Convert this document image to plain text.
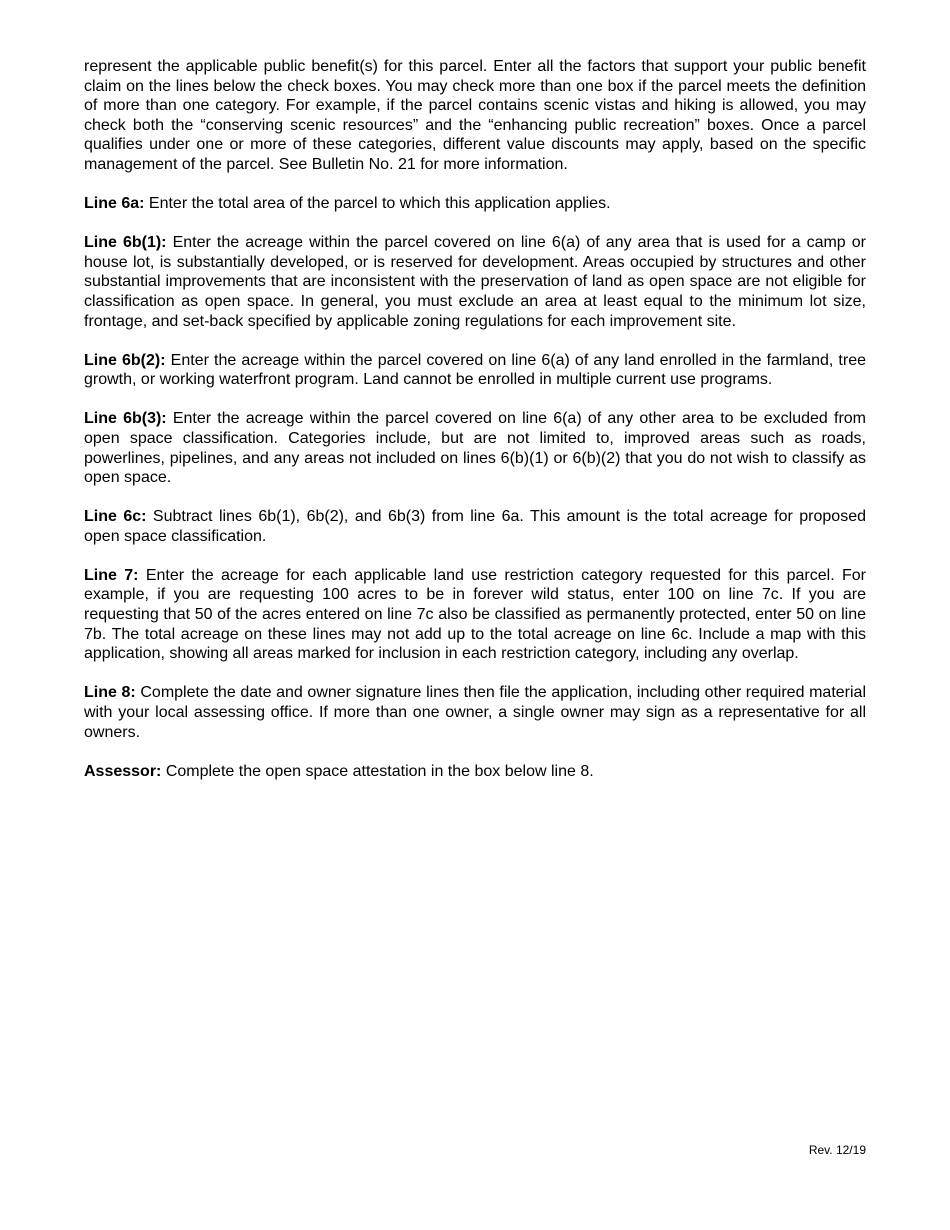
represent the applicable public benefit(s) for this parcel. Enter all the factors that support your public benefit claim on the lines below the check boxes. You may check more than one box if the parcel meets the definition of more than one category. For example, if the parcel contains scenic vistas and hiking is allowed, you may check both the “conserving scenic resources” and the “enhancing public recreation” boxes. Once a parcel qualifies under one or more of these categories, different value discounts may apply, based on the specific management of the parcel. See Bulletin No. 21 for more information.

Line 6a: Enter the total area of the parcel to which this application applies.

Line 6b(1): Enter the acreage within the parcel covered on line 6(a) of any area that is used for a camp or house lot, is substantially developed, or is reserved for development. Areas occupied by structures and other substantial improvements that are inconsistent with the preservation of land as open space are not eligible for classification as open space. In general, you must exclude an area at least equal to the minimum lot size, frontage, and set-back specified by applicable zoning regulations for each improvement site.

Line 6b(2): Enter the acreage within the parcel covered on line 6(a) of any land enrolled in the farmland, tree growth, or working waterfront program. Land cannot be enrolled in multiple current use programs.

Line 6b(3): Enter the acreage within the parcel covered on line 6(a) of any other area to be excluded from open space classification. Categories include, but are not limited to, improved areas such as roads, powerlines, pipelines, and any areas not included on lines 6(b)(1) or 6(b)(2) that you do not wish to classify as open space.

Line 6c: Subtract lines 6b(1), 6b(2), and 6b(3) from line 6a. This amount is the total acreage for proposed open space classification.

Line 7: Enter the acreage for each applicable land use restriction category requested for this parcel. For example, if you are requesting 100 acres to be in forever wild status, enter 100 on line 7c. If you are requesting that 50 of the acres entered on line 7c also be classified as permanently protected, enter 50 on line 7b. The total acreage on these lines may not add up to the total acreage on line 6c. Include a map with this application, showing all areas marked for inclusion in each restriction category, including any overlap.

Line 8: Complete the date and owner signature lines then file the application, including other required material with your local assessing office. If more than one owner, a single owner may sign as a representative for all owners.

Assessor: Complete the open space attestation in the box below line 8.

Rev. 12/19
